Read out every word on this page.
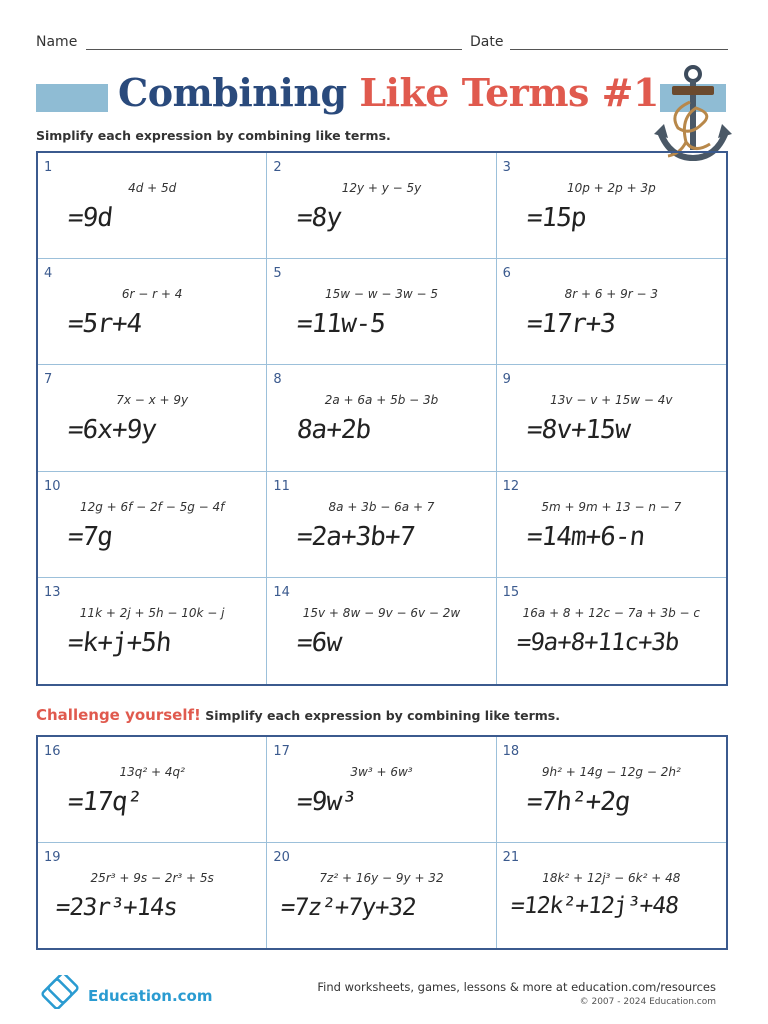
Name	Date
Combining Like Terms #1
Simplify each expression by combining like terms.
1
4d + 5d
=9d
2
12y + y − 5y
=8y
3
10p + 2p + 3p
=15p
4
6r − r + 4
=5r+4
5
15w − w − 3w − 5
=11w-5
6
8r + 6 + 9r − 3
=17r+3
7
7x − x + 9y
=6x+9y
8
2a + 6a + 5b − 3b
8a+2b
9
13v − v + 15w − 4v
=8v+15w
10
12g + 6f − 2f − 5g − 4f
=7g
11
8a + 3b − 6a + 7
=2a+3b+7
12
5m + 9m + 13 − n − 7
=14m+6-n
13
11k + 2j + 5h − 10k − j
=k+j+5h
14
15v + 8w − 9v − 6v − 2w
=6w
15
16a + 8 + 12c − 7a + 3b − c
=9a+8+11c+3b
Challenge yourself! Simplify each expression by combining like terms.
16
13q² + 4q²
=17q²
17
3w³ + 6w³
=9w³
18
9h² + 14g − 12g − 2h²
=7h²+2g
19
25r³ + 9s − 2r³ + 5s
=23r³+14s
20
7z² + 16y − 9y + 32
=7z²+7y+32
21
18k² + 12j³ − 6k² + 48
=12k²+12j³+48
Education.com	Find worksheets, games, lessons & more at education.com/resources
© 2007 - 2024 Education.com
